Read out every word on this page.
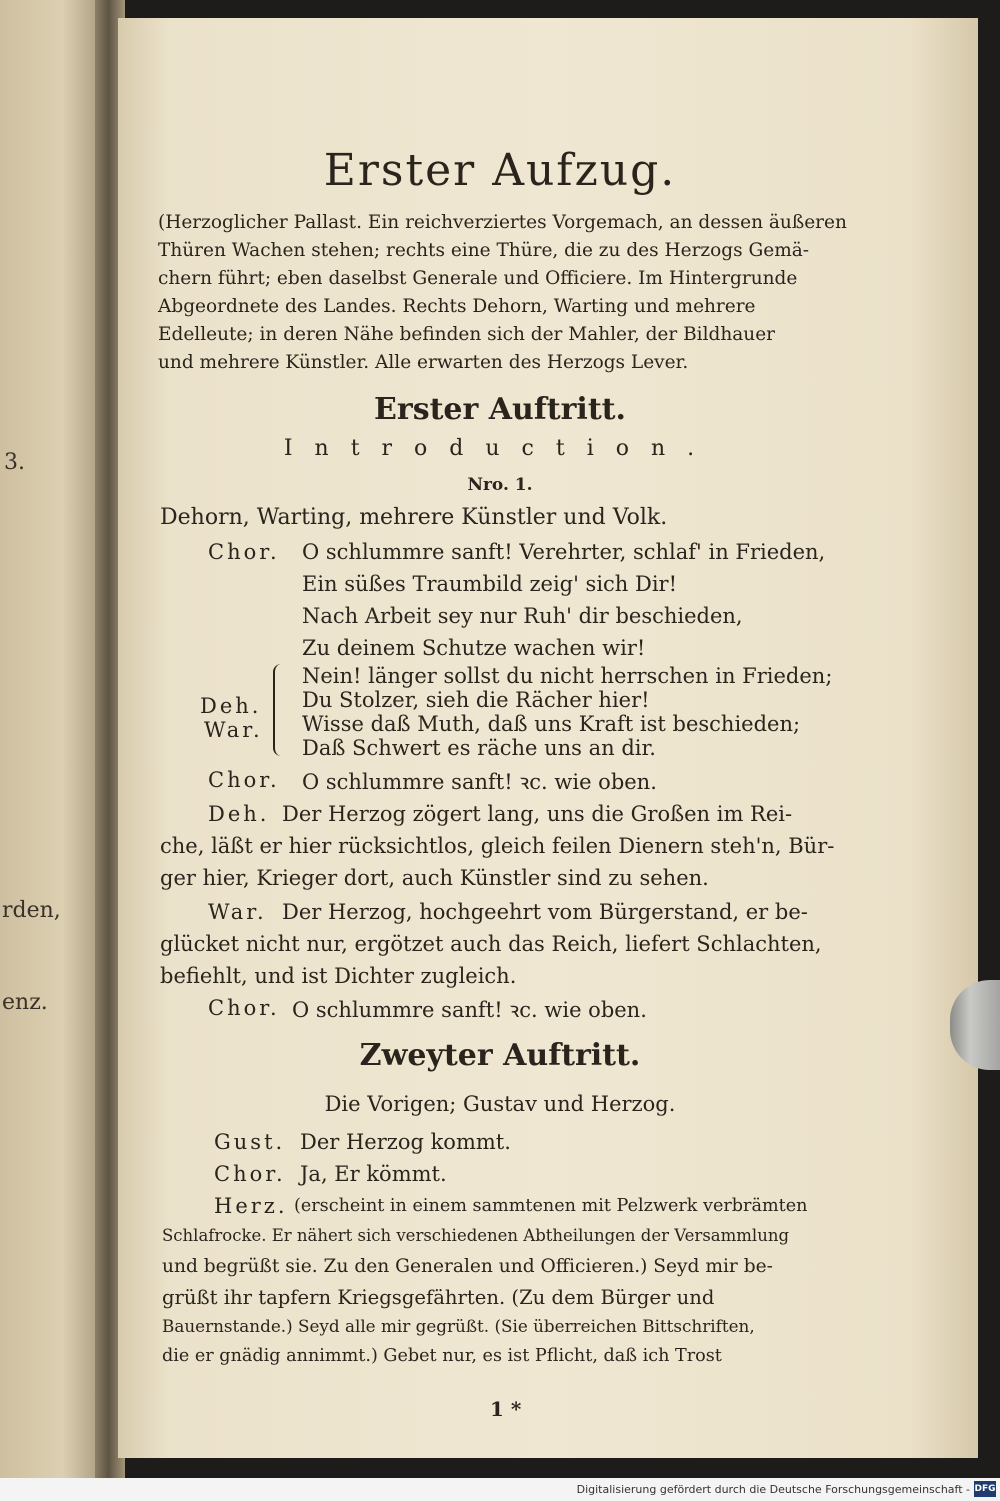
3.
rden,
enz.
Erster Aufzug.
(Herzoglicher Pallast. Ein reichverziertes Vorgemach, an dessen äußeren
Thüren Wachen stehen; rechts eine Thüre, die zu des Herzogs Gemä-
chern führt; eben daselbst Generale und Officiere. Im Hintergrunde
Abgeordnete des Landes. Rechts Dehorn, Warting und mehrere
Edelleute; in deren Nähe befinden sich der Mahler, der Bildhauer
und mehrere Künstler. Alle erwarten des Herzogs Lever.
Erster Auftritt.
Introduction.
Nro. 1.
Dehorn, Warting, mehrere Künstler und Volk.
Chor. O schlummre sanft! Verehrter, schlaf' in Frieden,
Ein süßes Traumbild zeig' sich Dir!
Nach Arbeit sey nur Ruh' dir beschieden,
Zu deinem Schutze wachen wir!
Deh.
War.
Nein! länger sollst du nicht herrschen in Frieden;
Du Stolzer, sieh die Rächer hier!
Wisse daß Muth, daß uns Kraft ist beschieden;
Daß Schwert es räche uns an dir.
Chor. O schlummre sanft! ꝛc. wie oben.
Deh. Der Herzog zögert lang, uns die Großen im Rei-
che, läßt er hier rücksichtlos, gleich feilen Dienern steh'n, Bür-
ger hier, Krieger dort, auch Künstler sind zu sehen.
War. Der Herzog, hochgeehrt vom Bürgerstand, er be-
glücket nicht nur, ergötzet auch das Reich, liefert Schlachten,
befiehlt, und ist Dichter zugleich.
Chor. O schlummre sanft! ꝛc. wie oben.
Zweyter Auftritt.
Die Vorigen; Gustav und Herzog.
Gust. Der Herzog kommt.
Chor. Ja, Er kömmt.
Herz. (erscheint in einem sammtenen mit Pelzwerk verbrämten
Schlafrocke. Er nähert sich verschiedenen Abtheilungen der Versammlung
und begrüßt sie. Zu den Generalen und Officieren.) Seyd mir be-
grüßt ihr tapfern Kriegsgefährten. (Zu dem Bürger und
Bauernstande.) Seyd alle mir gegrüßt. (Sie überreichen Bittschriften,
die er gnädig annimmt.) Gebet nur, es ist Pflicht, daß ich Trost
1 *
Digitalisierung gefördert durch die Deutsche Forschungsgemeinschaft - DFG
